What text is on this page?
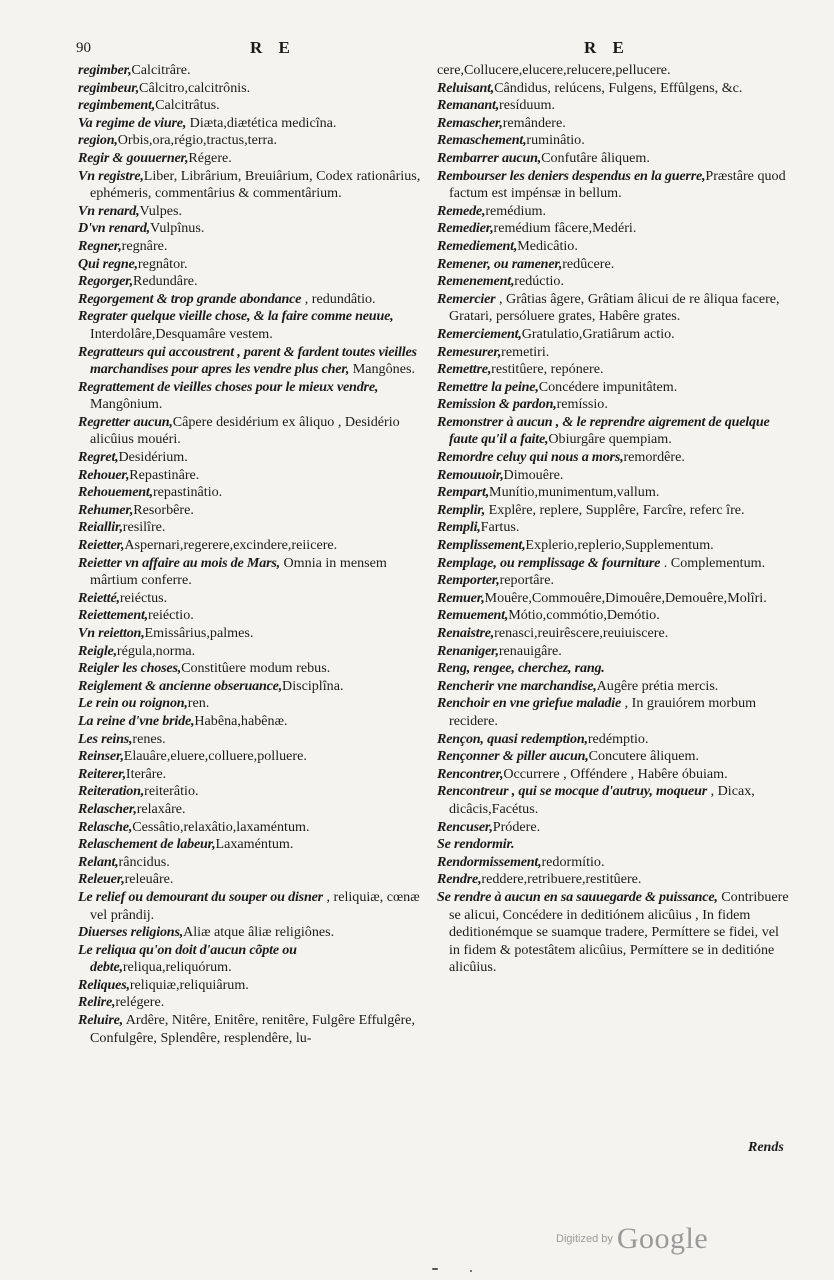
90	R E	R E

regimber,Calcitrâre.

regimbeur,Câlcitro,calcitrônis.

regimbement,Calcitrâtus.

Va regime de viure, Diæta,diætética medicîna.

region,Orbis,ora,régio,tractus,terra.

Regir & gouuerner,Régere.

Vn registre,Liber, Librârium, Breuiârium, Codex rationârius, ephémeris, commentârius & commentârium.

Vn renard,Vulpes.

D'vn renard,Vulpînus.

Regner,regnâre.

Qui regne,regnâtor.

Regorger,Redundâre.

Regorgement & trop grande abondance , redundâtio.

Regrater quelque vieille chose, & la faire comme neuue, Interdolâre,Desquamâre vestem.

Regratteurs qui accoustrent , parent & fardent toutes vieilles marchandises pour apres les vendre plus cher, Mangônes.

Regrattement de vieilles choses pour le mieux vendre, Mangônium.

Regretter aucun,Câpere desidérium ex âliquo , Desidério alicûius mouéri.

Regret,Desidérium.

Rehouer,Repastinâre.

Rehouement,repastinâtio.

Rehumer,Resorbêre.

Reiallir,resilîre.

Reietter,Aspernari,regerere,excindere,reiicere.

Reietter vn affaire au mois de Mars, Omnia in mensem mârtium conferre.

Reietté,reiéctus.

Reiettement,reiéctio.

Vn reietton,Emissârius,palmes.

Reigle,régula,norma.

Reigler les choses,Constitûere modum rebus.

Reiglement & ancienne obseruance,Disciplîna.

Le rein ou roignon,ren.

La reine d'vne bride,Habêna,habênæ.

Les reins,renes.

Reinser,Elauâre,eluere,colluere,polluere.

Reiterer,Iterâre.

Reiteration,reiterâtio.

Relascher,relaxâre.

Relasche,Cessâtio,relaxâtio,laxaméntum.

Relaschement de labeur,Laxaméntum.

Relant,râncidus.

Releuer,releuâre.

Le relief ou demourant du souper ou disner , reliquiæ, cœnæ vel prândij.

Diuerses religions,Aliæ atque âliæ religiônes.

Le reliqua qu'on doit d'aucun cõpte ou debte,reliqua,reliquórum.

Reliques,reliquiæ,reliquiârum.

Relire,relégere.

Reluire, Ardêre, Nitêre, Enitêre, renitêre, Fulgêre Effulgêre, Confulgêre, Splendêre, resplendêre, lu-

cere,Collucere,elucere,relucere,pellucere.

Reluisant,Cândidus, relúcens, Fulgens, Effûlgens, &c.

Remanant,resíduum.

Remascher,remândere.

Remaschement,ruminâtio.

Rembarrer aucun,Confutâre âliquem.

Rembourser les deniers despendus en la guerre,Præstâre quod factum est impénsæ in bellum.

Remede,remédium.

Remedier,remédium fâcere,Medéri.

Remediement,Medicâtio.

Remener, ou ramener,redûcere.

Remenement,redúctio.

Remercier , Grâtias âgere, Grâtiam âlicui de re âliqua facere, Gratari, persóluere grates, Habêre grates.

Remerciement,Gratulatio,Gratiârum actio.

Remesurer,remetiri.

Remettre,restitûere, repónere.

Remettre la peine,Concédere impunitâtem.

Remission & pardon,remíssio.

Remonstrer à aucun , & le reprendre aigrement de quelque faute qu'il a faite,Obiurgâre quempiam.

Remordre celuy qui nous a mors,remordêre.

Remouuoir,Dimouêre.

Rempart,Munítio,munimentum,vallum.

Remplir, Explêre, replere, Supplêre, Farcîre, referc îre.

Rempli,Fartus.

Remplissement,Explerio,replerio,Supplementum.

Remplage, ou remplissage & fourniture . Complementum.

Remporter,reportâre.

Remuer,Mouêre,Commouêre,Dimouêre,Demouêre,Molîri.

Remuement,Mótio,commótio,Demótio.

Renaistre,renasci,reuirêscere,reuiuiscere.

Renaniger,renauigâre.

Reng, rengee, cherchez, rang.

Rencherir vne marchandise,Augêre prétia mercis.

Renchoir en vne griefue maladie , In grauiórem morbum recidere.

Rençon, quasi redemption,redémptio.

Rençonner & piller aucun,Concutere âliquem.

Rencontrer,Occurrere , Offéndere , Habêre óbuiam.

Rencontreur , qui se mocque d'autruy, moqueur , Dicax, dicâcis,Facétus.

Rencuser,Pródere.

Se rendormir.

Rendormissement,redormítio.

Rendre,reddere,retribuere,restitûere.

Se rendre à aucun en sa sauuegarde & puissance, Contribuere se alicui, Concédere in deditiónem alicûius , In fidem deditionémque se suamque tradere, Permíttere se fidei, vel in fidem & potestâtem alicûius, Permíttere se in deditióne alicûius.

Rends
Digitized by Google
